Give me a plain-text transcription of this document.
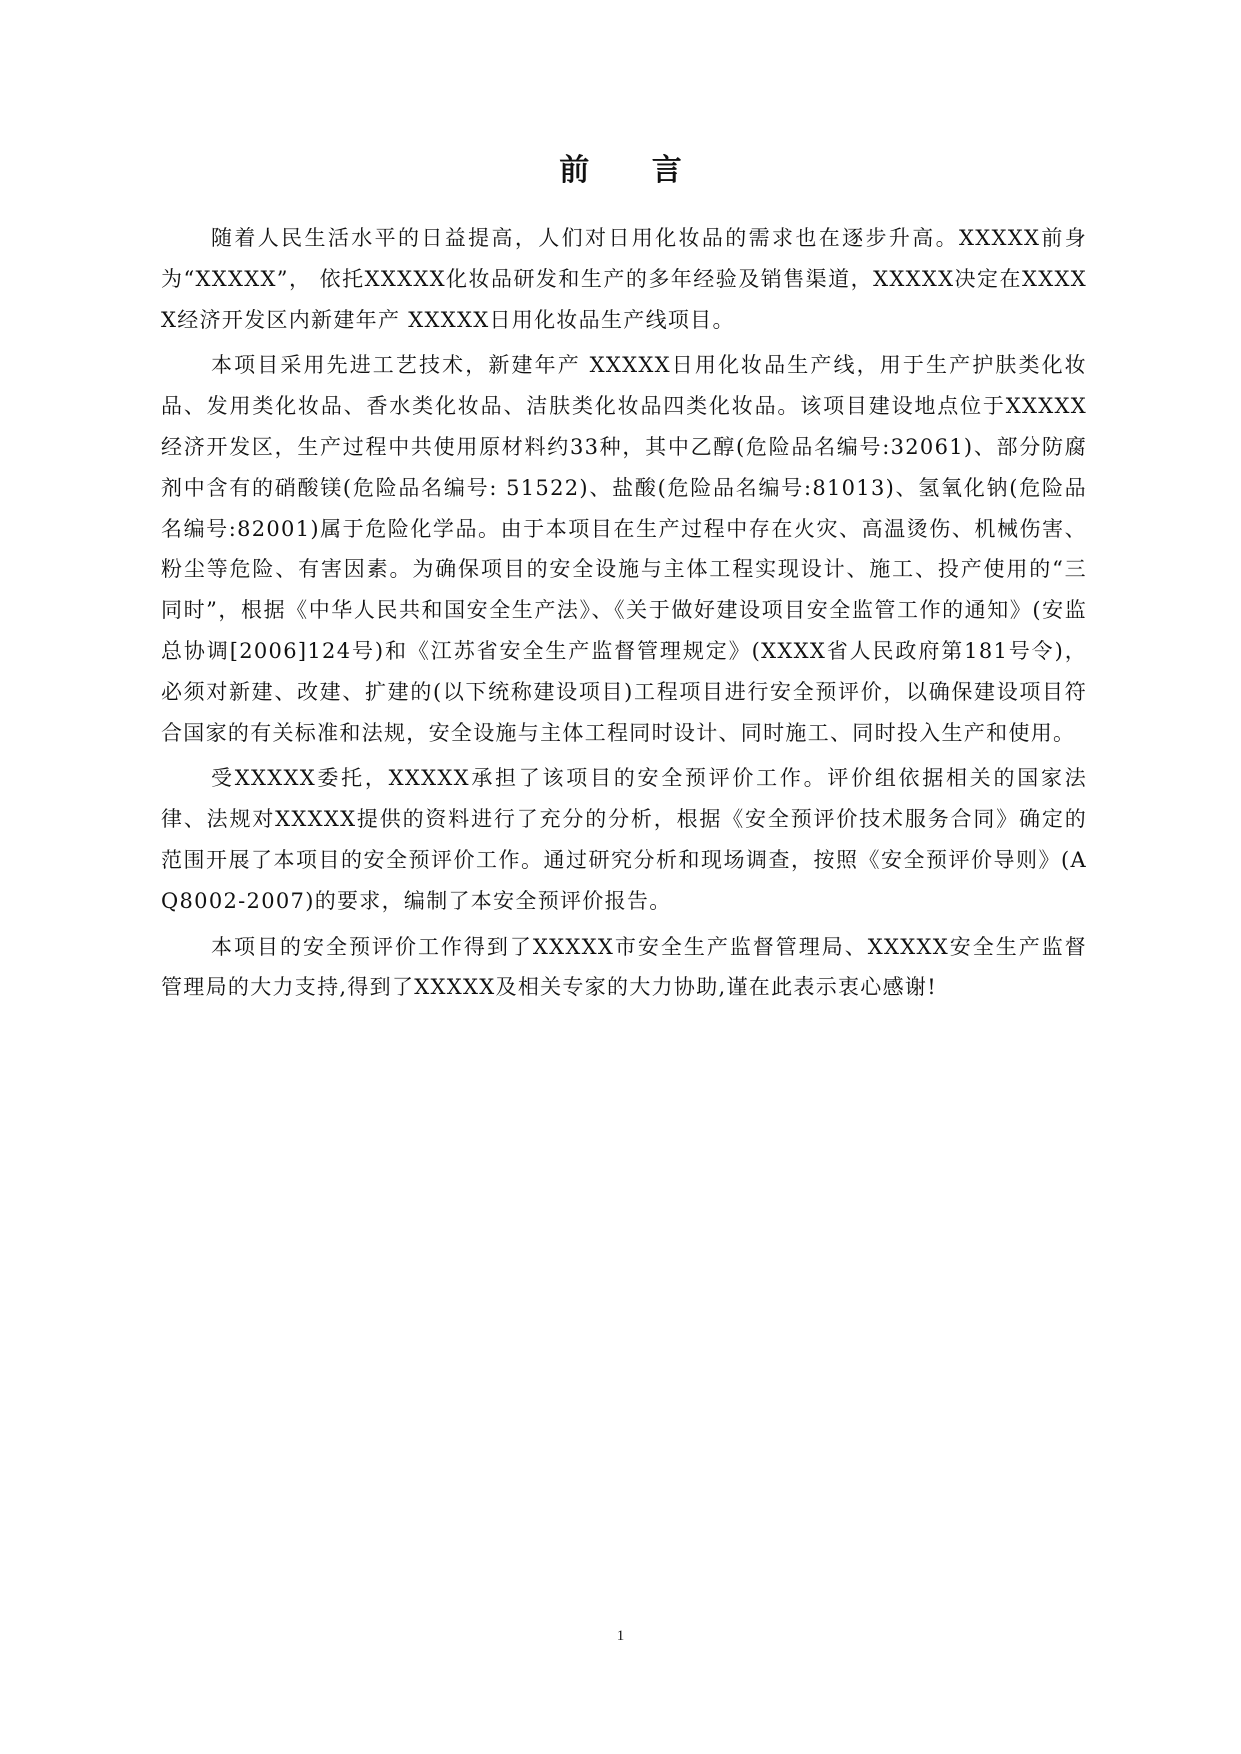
前 言

随着人民生活水平的日益提高，人们对日用化妆品的需求也在逐步升高。XXXXX前身为“XXXXX”， 依托XXXXX化妆品研发和生产的多年经验及销售渠道，XXXXX决定在XXXXX经济开发区内新建年产 XXXXX日用化妆品生产线项目。

本项目采用先进工艺技术，新建年产 XXXXX日用化妆品生产线，用于生产护肤类化妆品、发用类化妆品、香水类化妆品、洁肤类化妆品四类化妆品。该项目建设地点位于XXXXX经济开发区，生产过程中共使用原材料约33种，其中乙醇(危险品名编号:32061)、部分防腐剂中含有的硝酸镁(危险品名编号: 51522)、盐酸(危险品名编号:81013)、氢氧化钠(危险品名编号:82001)属于危险化学品。由于本项目在生产过程中存在火灾、高温烫伤、机械伤害、粉尘等危险、有害因素。为确保项目的安全设施与主体工程实现设计、施工、投产使用的“三同时”，根据《中华人民共和国安全生产法》、《关于做好建设项目安全监管工作的通知》(安监总协调[2006]124号)和《江苏省安全生产监督管理规定》(XXXX省人民政府第181号令)，必须对新建、改建、扩建的(以下统称建设项目)工程项目进行安全预评价，以确保建设项目符合国家的有关标准和法规，安全设施与主体工程同时设计、同时施工、同时投入生产和使用。

受XXXXX委托，XXXXX承担了该项目的安全预评价工作。评价组依据相关的国家法律、法规对XXXXX提供的资料进行了充分的分析，根据《安全预评价技术服务合同》确定的范围开展了本项目的安全预评价工作。通过研究分析和现场调查，按照《安全预评价导则》(AQ8002-2007)的要求，编制了本安全预评价报告。

本项目的安全预评价工作得到了XXXXX市安全生产监督管理局、XXXXX安全生产监督管理局的大力支持,得到了XXXXX及相关专家的大力协助,谨在此表示衷心感谢!

1
